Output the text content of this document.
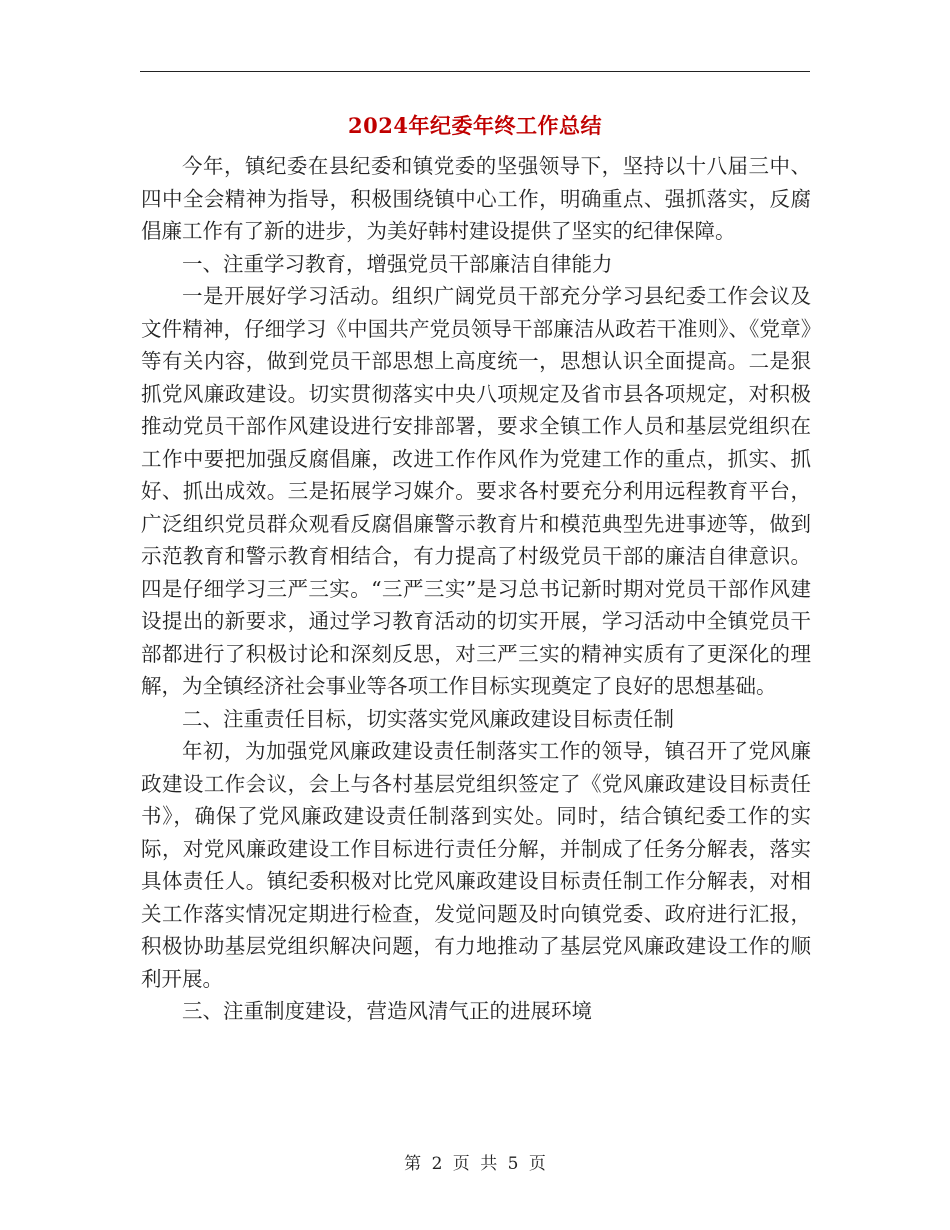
2024年纪委年终工作总结

今年，镇纪委在县纪委和镇党委的坚强领导下，坚持以十八届三中、四中全会精神为指导，积极围绕镇中心工作，明确重点、强抓落实，反腐倡廉工作有了新的进步，为美好韩村建设提供了坚实的纪律保障。

一、注重学习教育，增强党员干部廉洁自律能力

一是开展好学习活动。组织广阔党员干部充分学习县纪委工作会议及文件精神，仔细学习《中国共产党员领导干部廉洁从政若干准则》、《党章》等有关内容，做到党员干部思想上高度统一，思想认识全面提高。二是狠抓党风廉政建设。切实贯彻落实中央八项规定及省市县各项规定，对积极推动党员干部作风建设进行安排部署，要求全镇工作人员和基层党组织在工作中要把加强反腐倡廉，改进工作作风作为党建工作的重点，抓实、抓好、抓出成效。三是拓展学习媒介。要求各村要充分利用远程教育平台，广泛组织党员群众观看反腐倡廉警示教育片和模范典型先进事迹等，做到示范教育和警示教育相结合，有力提高了村级党员干部的廉洁自律意识。四是仔细学习三严三实。“三严三实”是习总书记新时期对党员干部作风建设提出的新要求，通过学习教育活动的切实开展，学习活动中全镇党员干部都进行了积极讨论和深刻反思，对三严三实的精神实质有了更深化的理解，为全镇经济社会事业等各项工作目标实现奠定了良好的思想基础。

二、注重责任目标，切实落实党风廉政建设目标责任制

年初，为加强党风廉政建设责任制落实工作的领导，镇召开了党风廉政建设工作会议，会上与各村基层党组织签定了《党风廉政建设目标责任书》，确保了党风廉政建设责任制落到实处。同时，结合镇纪委工作的实际，对党风廉政建设工作目标进行责任分解，并制成了任务分解表，落实具体责任人。镇纪委积极对比党风廉政建设目标责任制工作分解表，对相关工作落实情况定期进行检查，发觉问题及时向镇党委、政府进行汇报，积极协助基层党组织解决问题，有力地推动了基层党风廉政建设工作的顺利开展。

三、注重制度建设，营造风清气正的进展环境

第 2 页 共 5 页
